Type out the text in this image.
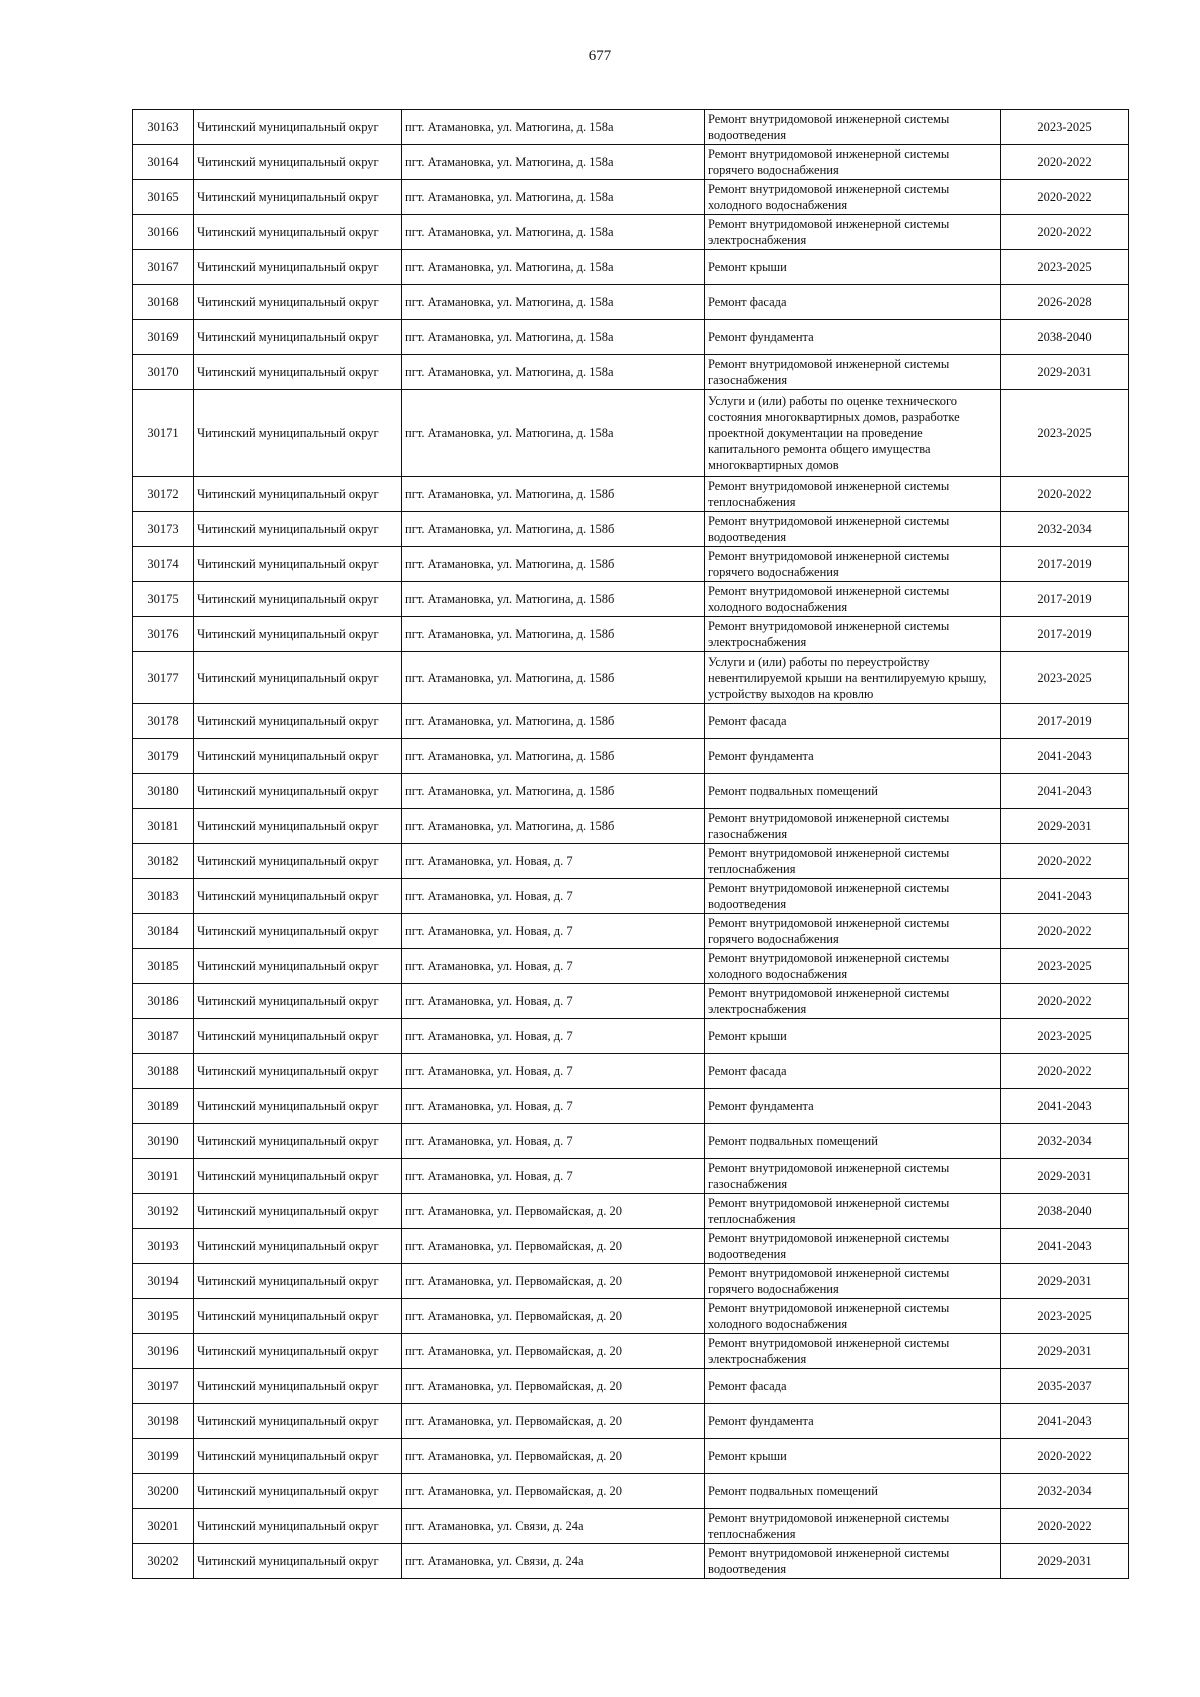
677
30163	Читинский муниципальный округ	пгт. Атамановка, ул. Матюгина, д. 158а	Ремонт внутридомовой инженерной системы водоотведения	2023-2025
30164	Читинский муниципальный округ	пгт. Атамановка, ул. Матюгина, д. 158а	Ремонт внутридомовой инженерной системы горячего водоснабжения	2020-2022
30165	Читинский муниципальный округ	пгт. Атамановка, ул. Матюгина, д. 158а	Ремонт внутридомовой инженерной системы холодного водоснабжения	2020-2022
30166	Читинский муниципальный округ	пгт. Атамановка, ул. Матюгина, д. 158а	Ремонт внутридомовой инженерной системы электроснабжения	2020-2022
30167	Читинский муниципальный округ	пгт. Атамановка, ул. Матюгина, д. 158а	Ремонт крыши	2023-2025
30168	Читинский муниципальный округ	пгт. Атамановка, ул. Матюгина, д. 158а	Ремонт фасада	2026-2028
30169	Читинский муниципальный округ	пгт. Атамановка, ул. Матюгина, д. 158а	Ремонт фундамента	2038-2040
30170	Читинский муниципальный округ	пгт. Атамановка, ул. Матюгина, д. 158а	Ремонт внутридомовой инженерной системы газоснабжения	2029-2031
30171	Читинский муниципальный округ	пгт. Атамановка, ул. Матюгина, д. 158а	Услуги и (или) работы по оценке технического состояния многоквартирных домов, разработке проектной документации на проведение капитального ремонта общего имущества многоквартирных домов	2023-2025
30172	Читинский муниципальный округ	пгт. Атамановка, ул. Матюгина, д. 158б	Ремонт внутридомовой инженерной системы теплоснабжения	2020-2022
30173	Читинский муниципальный округ	пгт. Атамановка, ул. Матюгина, д. 158б	Ремонт внутридомовой инженерной системы водоотведения	2032-2034
30174	Читинский муниципальный округ	пгт. Атамановка, ул. Матюгина, д. 158б	Ремонт внутридомовой инженерной системы горячего водоснабжения	2017-2019
30175	Читинский муниципальный округ	пгт. Атамановка, ул. Матюгина, д. 158б	Ремонт внутридомовой инженерной системы холодного водоснабжения	2017-2019
30176	Читинский муниципальный округ	пгт. Атамановка, ул. Матюгина, д. 158б	Ремонт внутридомовой инженерной системы электроснабжения	2017-2019
30177	Читинский муниципальный округ	пгт. Атамановка, ул. Матюгина, д. 158б	Услуги и (или) работы по переустройству невентилируемой крыши на вентилируемую крышу, устройству выходов на кровлю	2023-2025
30178	Читинский муниципальный округ	пгт. Атамановка, ул. Матюгина, д. 158б	Ремонт фасада	2017-2019
30179	Читинский муниципальный округ	пгт. Атамановка, ул. Матюгина, д. 158б	Ремонт фундамента	2041-2043
30180	Читинский муниципальный округ	пгт. Атамановка, ул. Матюгина, д. 158б	Ремонт подвальных помещений	2041-2043
30181	Читинский муниципальный округ	пгт. Атамановка, ул. Матюгина, д. 158б	Ремонт внутридомовой инженерной системы газоснабжения	2029-2031
30182	Читинский муниципальный округ	пгт. Атамановка, ул. Новая, д. 7	Ремонт внутридомовой инженерной системы теплоснабжения	2020-2022
30183	Читинский муниципальный округ	пгт. Атамановка, ул. Новая, д. 7	Ремонт внутридомовой инженерной системы водоотведения	2041-2043
30184	Читинский муниципальный округ	пгт. Атамановка, ул. Новая, д. 7	Ремонт внутридомовой инженерной системы горячего водоснабжения	2020-2022
30185	Читинский муниципальный округ	пгт. Атамановка, ул. Новая, д. 7	Ремонт внутридомовой инженерной системы холодного водоснабжения	2023-2025
30186	Читинский муниципальный округ	пгт. Атамановка, ул. Новая, д. 7	Ремонт внутридомовой инженерной системы электроснабжения	2020-2022
30187	Читинский муниципальный округ	пгт. Атамановка, ул. Новая, д. 7	Ремонт крыши	2023-2025
30188	Читинский муниципальный округ	пгт. Атамановка, ул. Новая, д. 7	Ремонт фасада	2020-2022
30189	Читинский муниципальный округ	пгт. Атамановка, ул. Новая, д. 7	Ремонт фундамента	2041-2043
30190	Читинский муниципальный округ	пгт. Атамановка, ул. Новая, д. 7	Ремонт подвальных помещений	2032-2034
30191	Читинский муниципальный округ	пгт. Атамановка, ул. Новая, д. 7	Ремонт внутридомовой инженерной системы газоснабжения	2029-2031
30192	Читинский муниципальный округ	пгт. Атамановка, ул. Первомайская, д. 20	Ремонт внутридомовой инженерной системы теплоснабжения	2038-2040
30193	Читинский муниципальный округ	пгт. Атамановка, ул. Первомайская, д. 20	Ремонт внутридомовой инженерной системы водоотведения	2041-2043
30194	Читинский муниципальный округ	пгт. Атамановка, ул. Первомайская, д. 20	Ремонт внутридомовой инженерной системы горячего водоснабжения	2029-2031
30195	Читинский муниципальный округ	пгт. Атамановка, ул. Первомайская, д. 20	Ремонт внутридомовой инженерной системы холодного водоснабжения	2023-2025
30196	Читинский муниципальный округ	пгт. Атамановка, ул. Первомайская, д. 20	Ремонт внутридомовой инженерной системы электроснабжения	2029-2031
30197	Читинский муниципальный округ	пгт. Атамановка, ул. Первомайская, д. 20	Ремонт фасада	2035-2037
30198	Читинский муниципальный округ	пгт. Атамановка, ул. Первомайская, д. 20	Ремонт фундамента	2041-2043
30199	Читинский муниципальный округ	пгт. Атамановка, ул. Первомайская, д. 20	Ремонт крыши	2020-2022
30200	Читинский муниципальный округ	пгт. Атамановка, ул. Первомайская, д. 20	Ремонт подвальных помещений	2032-2034
30201	Читинский муниципальный округ	пгт. Атамановка, ул. Связи, д. 24а	Ремонт внутридомовой инженерной системы теплоснабжения	2020-2022
30202	Читинский муниципальный округ	пгт. Атамановка, ул. Связи, д. 24а	Ремонт внутридомовой инженерной системы водоотведения	2029-2031
